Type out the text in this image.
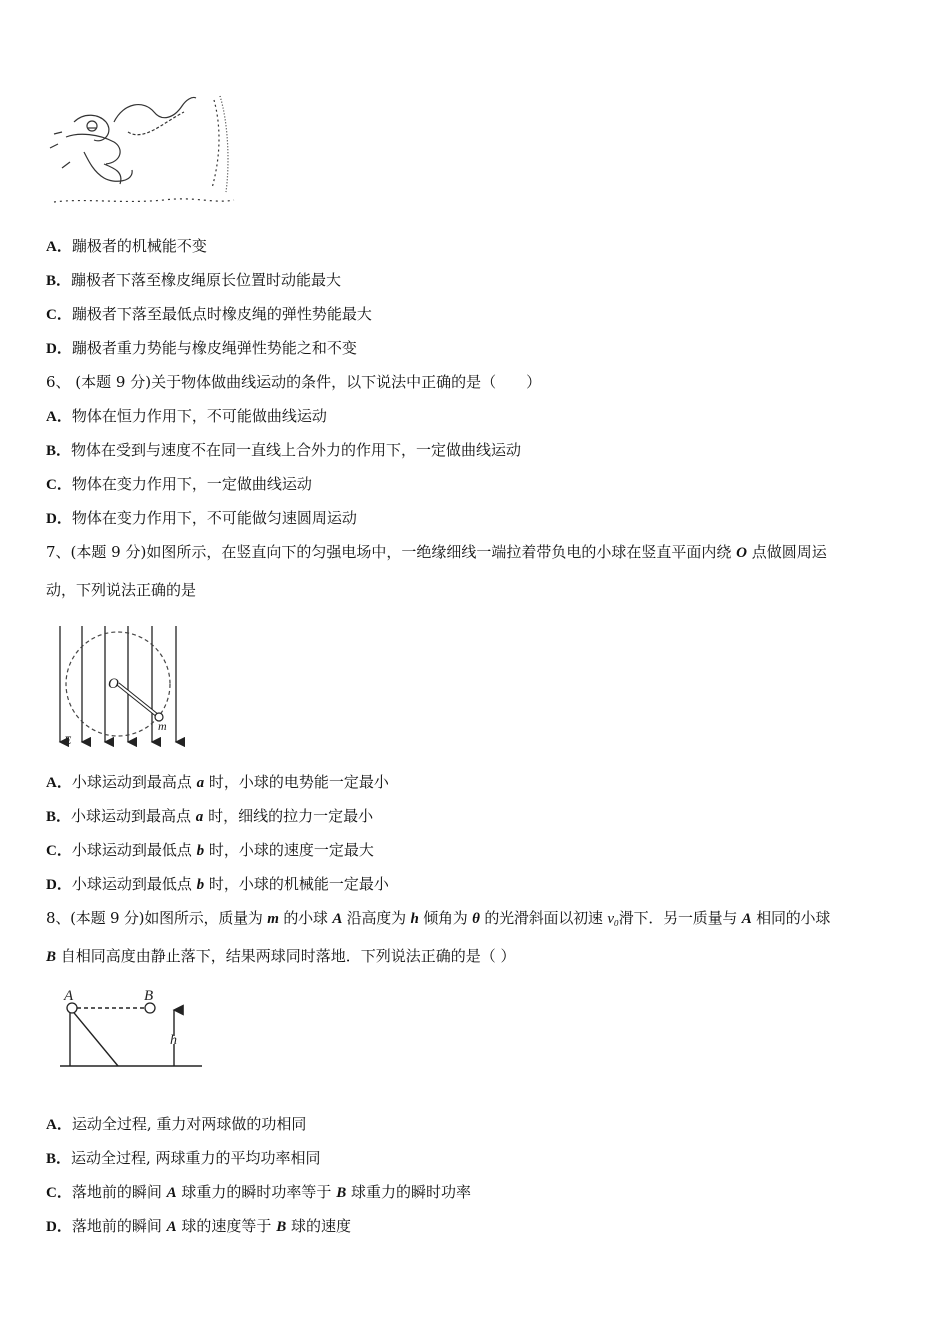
A．蹦极者的机械能不变
B．蹦极者下落至橡皮绳原长位置时动能最大
C．蹦极者下落至最低点时橡皮绳的弹性势能最大
D．蹦极者重力势能与橡皮绳弹性势能之和不变
6、 (本题 9 分)关于物体做曲线运动的条件，以下说法中正确的是（　　）
A．物体在恒力作用下，不可能做曲线运动
B．物体在受到与速度不在同一直线上合外力的作用下，一定做曲线运动
C．物体在变力作用下，一定做曲线运动
D．物体在变力作用下，不可能做匀速圆周运动
7、(本题 9 分)如图所示，在竖直向下的匀强电场中，一绝缘细线一端拉着带负电的小球在竖直平面内绕 O 点做圆周运
动，下列说法正确的是
O
m
E
A．小球运动到最高点 a 时，小球的电势能一定最小
B．小球运动到最高点 a 时，细线的拉力一定最小
C．小球运动到最低点 b 时，小球的速度一定最大
D．小球运动到最低点 b 时，小球的机械能一定最小
8、(本题 9 分)如图所示，质量为 m 的小球 A 沿高度为 h 倾角为 θ 的光滑斜面以初速 v₀滑下．另一质量与 A 相同的小球
B 自相同高度由静止落下，结果两球同时落地．下列说法正确的是（ ）
A	B
h
A．运动全过程, 重力对两球做的功相同
B．运动全过程, 两球重力的平均功率相同
C．落地前的瞬间 A 球重力的瞬时功率等于 B 球重力的瞬时功率
D．落地前的瞬间 A 球的速度等于 B 球的速度
